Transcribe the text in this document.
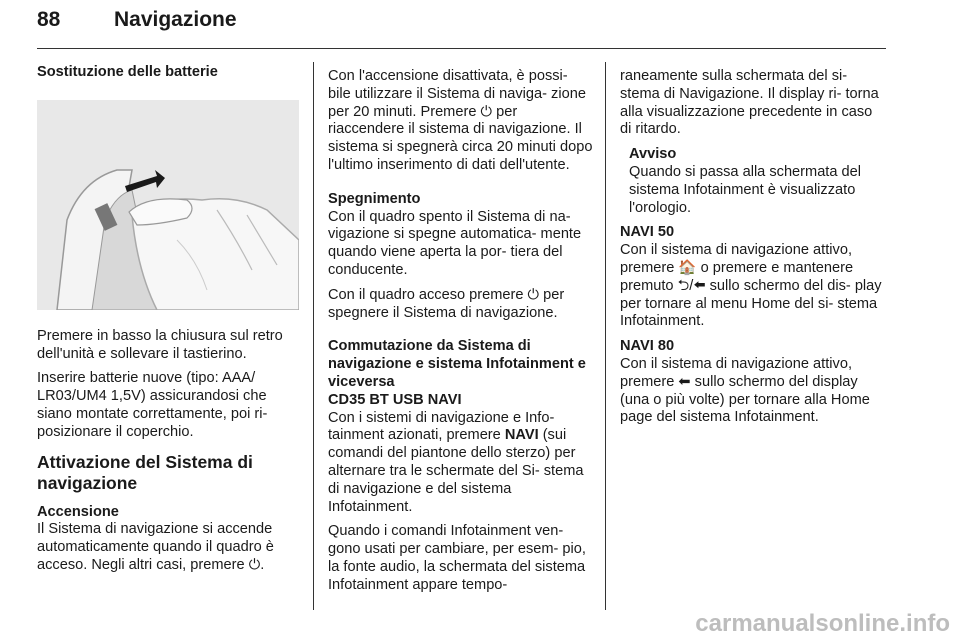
88	Navigazione

Sostituzione delle batterie

Premere in basso la chiusura sul retro dell'unità e sollevare il tastierino.

Inserire batterie nuove (tipo: AAA/ LR03/UM4 1,5V) assicurandosi che siano montate correttamente, poi ri- posizionare il coperchio.

Attivazione del Sistema di navigazione

Accensione

Il Sistema di navigazione si accende automaticamente quando il quadro è acceso. Negli altri casi, premere ⏻.

Con l'accensione disattivata, è possi- bile utilizzare il Sistema di naviga- zione per 20 minuti. Premere ⏻ per riaccendere il sistema di navigazione. Il sistema si spegnerà circa 20 minuti dopo l'ultimo inserimento di dati dell'utente.

Spegnimento

Con il quadro spento il Sistema di na- vigazione si spegne automatica- mente quando viene aperta la por- tiera del conducente.

Con il quadro acceso premere ⏻ per spegnere il Sistema di navigazione.

Commutazione da Sistema di navigazione e sistema Infotainment e viceversa

CD35 BT USB NAVI

Con i sistemi di navigazione e Info- tainment azionati, premere NAVI (sui comandi del piantone dello sterzo) per alternare tra le schermate del Si- stema di navigazione e del sistema Infotainment.

Quando i comandi Infotainment ven- gono usati per cambiare, per esem- pio, la fonte audio, la schermata del sistema Infotainment appare tempo-

raneamente sulla schermata del si- stema di Navigazione. Il display ri- torna alla visualizzazione precedente in caso di ritardo.

Avviso

Quando si passa alla schermata del sistema Infotainment è visualizzato l'orologio.

NAVI 50

Con il sistema di navigazione attivo, premere 🏠 o premere e mantenere premuto ⮌/⬅ sullo schermo del dis- play per tornare al menu Home del si- stema Infotainment.

NAVI 80

Con il sistema di navigazione attivo, premere ⬅ sullo schermo del display (una o più volte) per tornare alla Home page del sistema Infotainment.

carmanualsonline.info
